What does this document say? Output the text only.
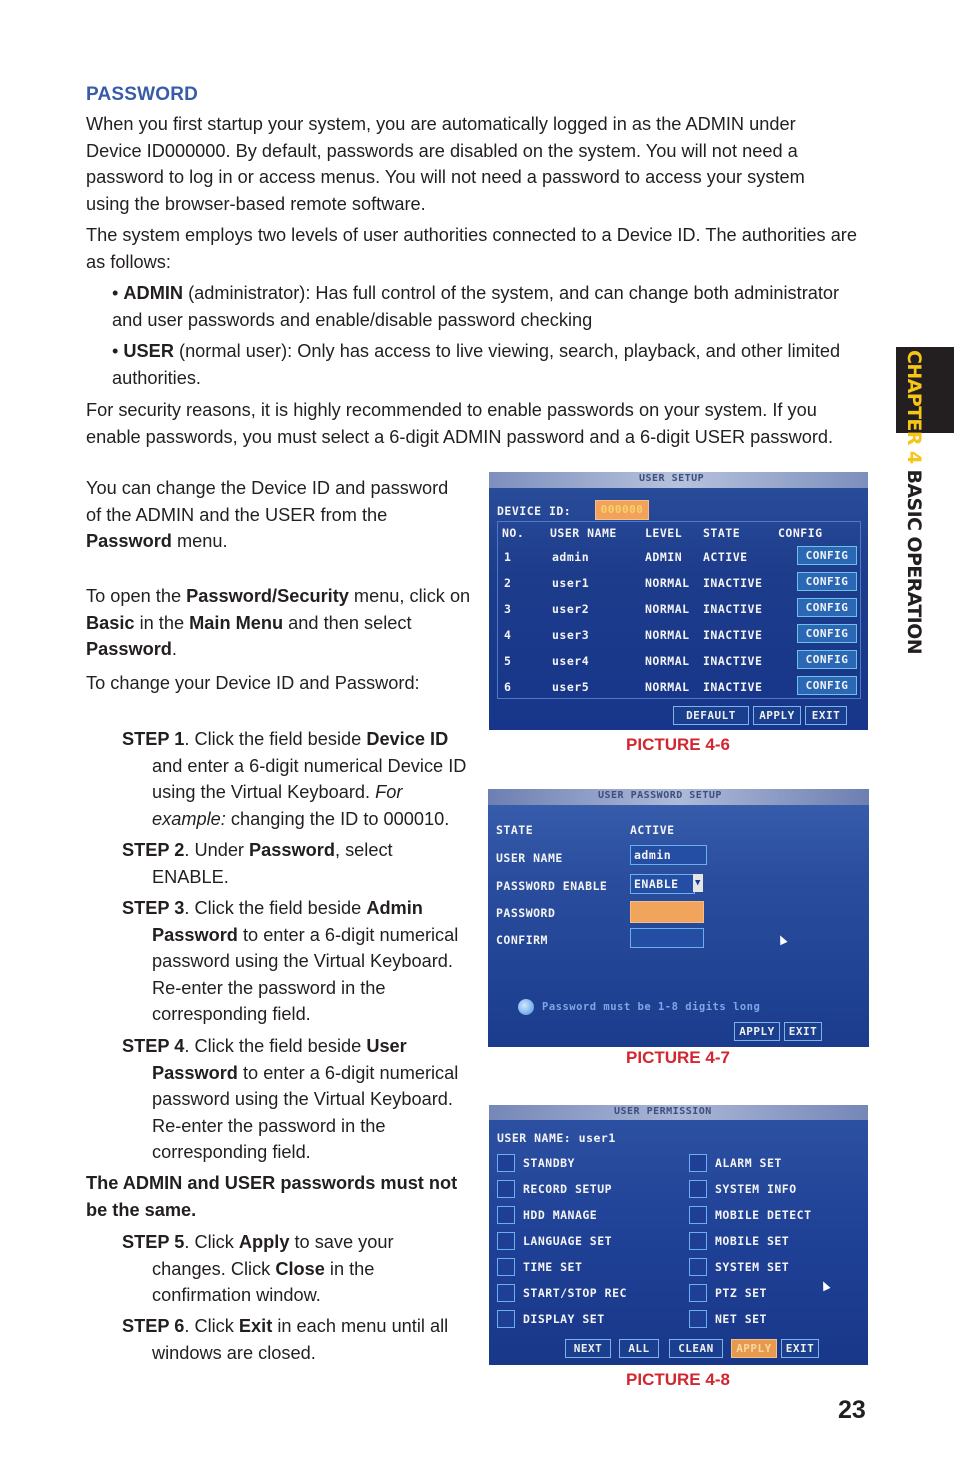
PASSWORD

When you first startup your system, you are automatically logged in as the ADMIN under Device ID000000. By default, passwords are disabled on the system. You will not need a password to log in or access menus. You will not need a password to access your system using the browser-based remote software.

The system employs two levels of user authorities connected to a Device ID. The authorities are as follows:

• ADMIN (administrator): Has full control of the system, and can change both administrator and user passwords and enable/disable password checking
• USER (normal user): Only has access to live viewing, search, playback, and other limited authorities.

For security reasons, it is highly recommended to enable passwords on your system. If you enable passwords, you must select a 6-digit ADMIN password and a 6-digit USER password.

You can change the Device ID and password of the ADMIN and the USER from the Password menu.

To open the Password/Security menu, click on Basic in the Main Menu and then select Password.

To change your Device ID and Password:

STEP 1. Click the field beside Device ID and enter a 6-digit numerical Device ID using the Virtual Keyboard. For example: changing the ID to 000010.
STEP 2. Under Password, select ENABLE.
STEP 3. Click the field beside Admin Password to enter a 6-digit numerical password using the Virtual Keyboard. Re-enter the password in the corresponding field.
STEP 4. Click the field beside User Password to enter a 6-digit numerical password using the Virtual Keyboard. Re-enter the password in the corresponding field.

The ADMIN and USER passwords must not be the same.

STEP 5. Click Apply to save your changes. Click Close in the confirmation window.
STEP 6. Click Exit in each menu until all windows are closed.
USER SETUP
DEVICE ID:	000000
NO. USER NAME LEVEL STATE	CONFIG
1	admin	ADMIN ACTIVE	CONFIG
2	user1	NORMAL INACTIVE	CONFIG
3	user2	NORMAL INACTIVE	CONFIG
4	user3	NORMAL INACTIVE	CONFIG
5	user4	NORMAL INACTIVE	CONFIG
6	user5	NORMAL INACTIVE	CONFIG
DEFAULT	APPLY	EXIT
PICTURE 4-6
USER PASSWORD SETUP
STATE	ACTIVE
USER NAME	admin
PASSWORD ENABLE	ENABLE	▼
PASSWORD
CONFIRM
Password must be 1-8 digits long
APPLY	EXIT
PICTURE 4-7
USER PERMISSION
USER NAME: user1
STANDBY
RECORD SETUP
HDD MANAGE
LANGUAGE SET
TIME SET
START/STOP REC
DISPLAY SET
ALARM SET
SYSTEM INFO
MOBILE DETECT
MOBILE SET
SYSTEM SET
PTZ SET
NET SET
NEXT	ALL	CLEAN	APPLY	EXIT
PICTURE 4-8
CHAPTER 4 BASIC OPERATION
23
